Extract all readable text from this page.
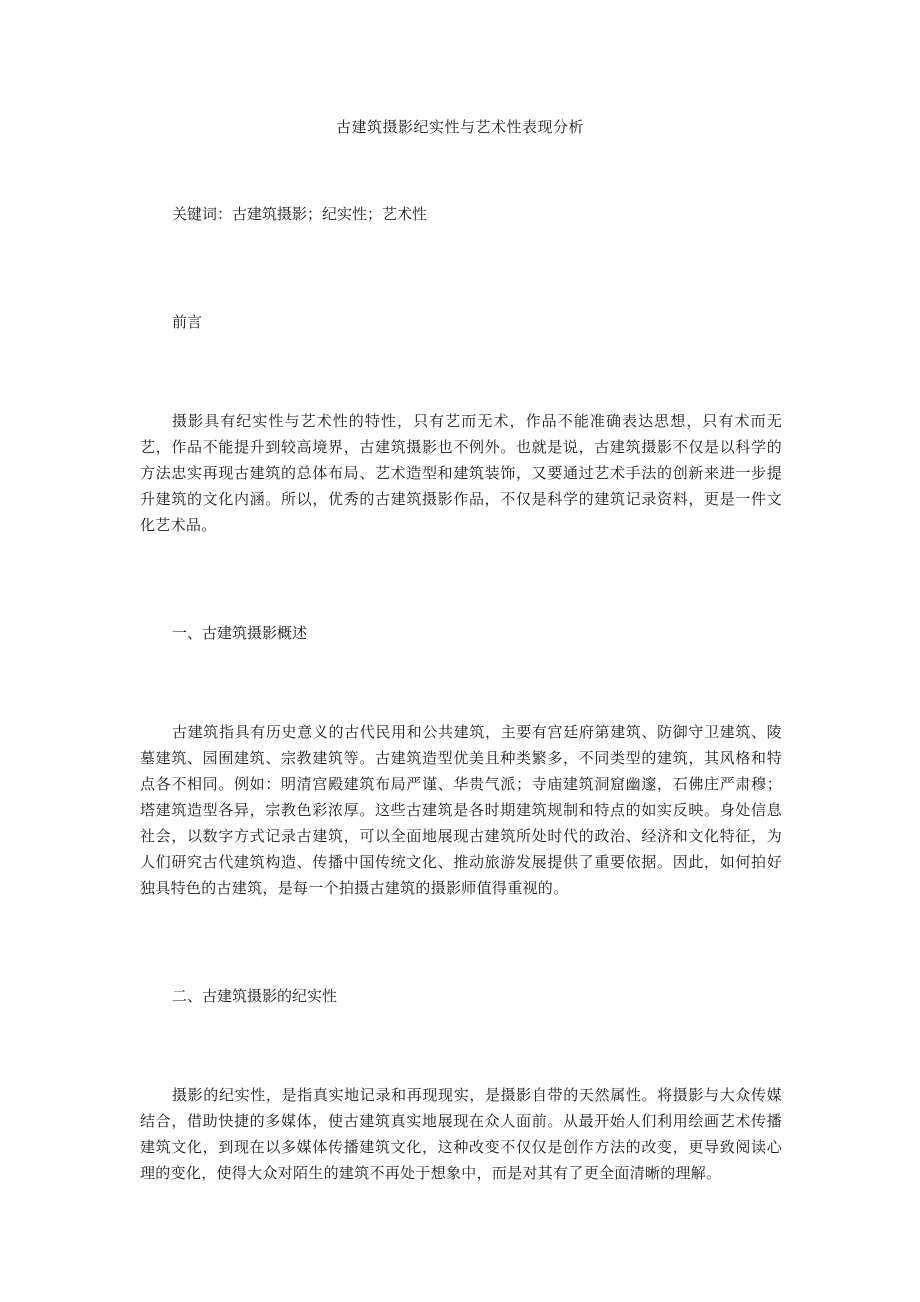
古建筑摄影纪实性与艺术性表现分析
关键词：古建筑摄影；纪实性；艺术性
前言
摄影具有纪实性与艺术性的特性，只有艺而无术，作品不能准确表达思想，只有术而无艺，作品不能提升到较高境界，古建筑摄影也不例外。也就是说，古建筑摄影不仅是以科学的方法忠实再现古建筑的总体布局、艺术造型和建筑装饰，又要通过艺术手法的创新来进一步提升建筑的文化内涵。所以，优秀的古建筑摄影作品，不仅是科学的建筑记录资料，更是一件文化艺术品。
一、古建筑摄影概述
古建筑指具有历史意义的古代民用和公共建筑，主要有宫廷府第建筑、防御守卫建筑、陵墓建筑、园囿建筑、宗教建筑等。古建筑造型优美且种类繁多，不同类型的建筑，其风格和特点各不相同。例如：明清宫殿建筑布局严谨、华贵气派；寺庙建筑洞窟幽邃，石佛庄严肃穆；塔建筑造型各异，宗教色彩浓厚。这些古建筑是各时期建筑规制和特点的如实反映。身处信息社会，以数字方式记录古建筑，可以全面地展现古建筑所处时代的政治、经济和文化特征，为人们研究古代建筑构造、传播中国传统文化、推动旅游发展提供了重要依据。因此，如何拍好独具特色的古建筑，是每一个拍摄古建筑的摄影师值得重视的。
二、古建筑摄影的纪实性
摄影的纪实性，是指真实地记录和再现现实，是摄影自带的天然属性。将摄影与大众传媒结合，借助快捷的多媒体，使古建筑真实地展现在众人面前。从最开始人们利用绘画艺术传播建筑文化，到现在以多媒体传播建筑文化，这种改变不仅仅是创作方法的改变，更导致阅读心理的变化，使得大众对陌生的建筑不再处于想象中，而是对其有了更全面清晰的理解。
